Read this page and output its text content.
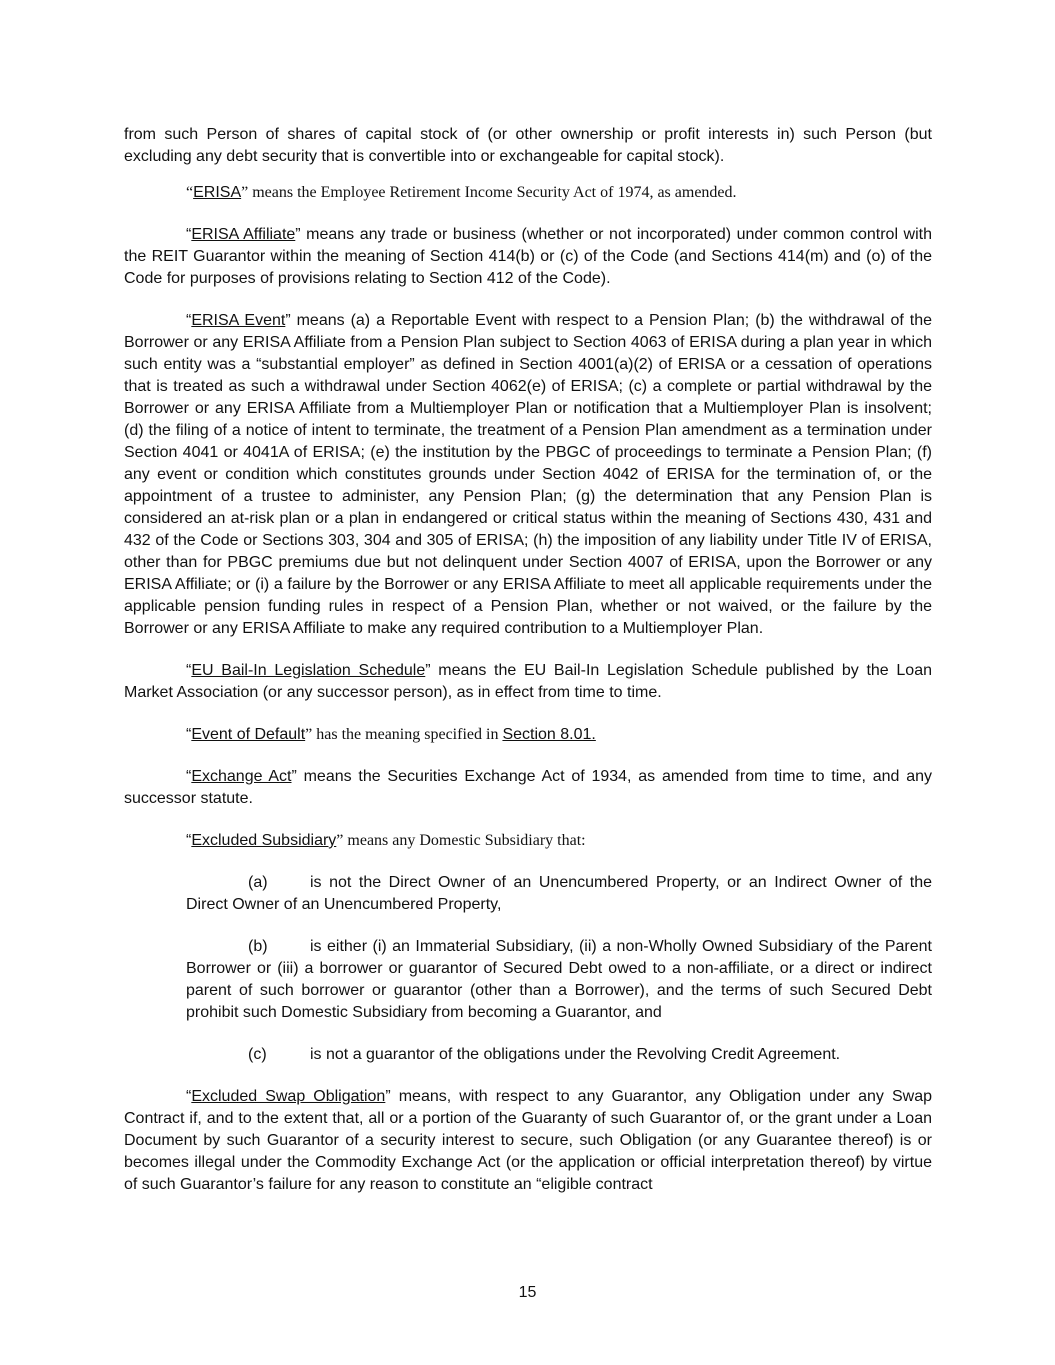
from such Person of shares of capital stock of (or other ownership or profit interests in) such Person (but excluding any debt security that is convertible into or exchangeable for capital stock).

“ERISA” means the Employee Retirement Income Security Act of 1974, as amended.

“ERISA Affiliate” means any trade or business (whether or not incorporated) under common control with the REIT Guarantor within the meaning of Section 414(b) or (c) of the Code (and Sections 414(m) and (o) of the Code for purposes of provisions relating to Section 412 of the Code).

“ERISA Event” means (a) a Reportable Event with respect to a Pension Plan; (b) the withdrawal of the Borrower or any ERISA Affiliate from a Pension Plan subject to Section 4063 of ERISA during a plan year in which such entity was a “substantial employer” as defined in Section 4001(a)(2) of ERISA or a cessation of operations that is treated as such a withdrawal under Section 4062(e) of ERISA; (c) a complete or partial withdrawal by the Borrower or any ERISA Affiliate from a Multiemployer Plan or notification that a Multiemployer Plan is insolvent; (d) the filing of a notice of intent to terminate, the treatment of a Pension Plan amendment as a termination under Section 4041 or 4041A of ERISA; (e) the institution by the PBGC of proceedings to terminate a Pension Plan; (f) any event or condition which constitutes grounds under Section 4042 of ERISA for the termination of, or the appointment of a trustee to administer, any Pension Plan; (g) the determination that any Pension Plan is considered an at-risk plan or a plan in endangered or critical status within the meaning of Sections 430, 431 and 432 of the Code or Sections 303, 304 and 305 of ERISA; (h) the imposition of any liability under Title IV of ERISA, other than for PBGC premiums due but not delinquent under Section 4007 of ERISA, upon the Borrower or any ERISA Affiliate; or (i) a failure by the Borrower or any ERISA Affiliate to meet all applicable requirements under the applicable pension funding rules in respect of a Pension Plan, whether or not waived, or the failure by the Borrower or any ERISA Affiliate to make any required contribution to a Multiemployer Plan.

“EU Bail-In Legislation Schedule” means the EU Bail-In Legislation Schedule published by the Loan Market Association (or any successor person), as in effect from time to time.

“Event of Default” has the meaning specified in Section 8.01.

“Exchange Act” means the Securities Exchange Act of 1934, as amended from time to time, and any successor statute.

“Excluded Subsidiary” means any Domestic Subsidiary that:

(a)	is not the Direct Owner of an Unencumbered Property, or an Indirect Owner of the Direct Owner of an Unencumbered Property,

(b)	is either (i) an Immaterial Subsidiary, (ii) a non-Wholly Owned Subsidiary of the Parent Borrower or (iii) a borrower or guarantor of Secured Debt owed to a non-affiliate, or a direct or indirect parent of such borrower or guarantor (other than a Borrower), and the terms of such Secured Debt prohibit such Domestic Subsidiary from becoming a Guarantor, and

(c)	is not a guarantor of the obligations under the Revolving Credit Agreement.

“Excluded Swap Obligation” means, with respect to any Guarantor, any Obligation under any Swap Contract if, and to the extent that, all or a portion of the Guaranty of such Guarantor of, or the grant under a Loan Document by such Guarantor of a security interest to secure, such Obligation (or any Guarantee thereof) is or becomes illegal under the Commodity Exchange Act (or the application or official interpretation thereof) by virtue of such Guarantor’s failure for any reason to constitute an “eligible contract

15
